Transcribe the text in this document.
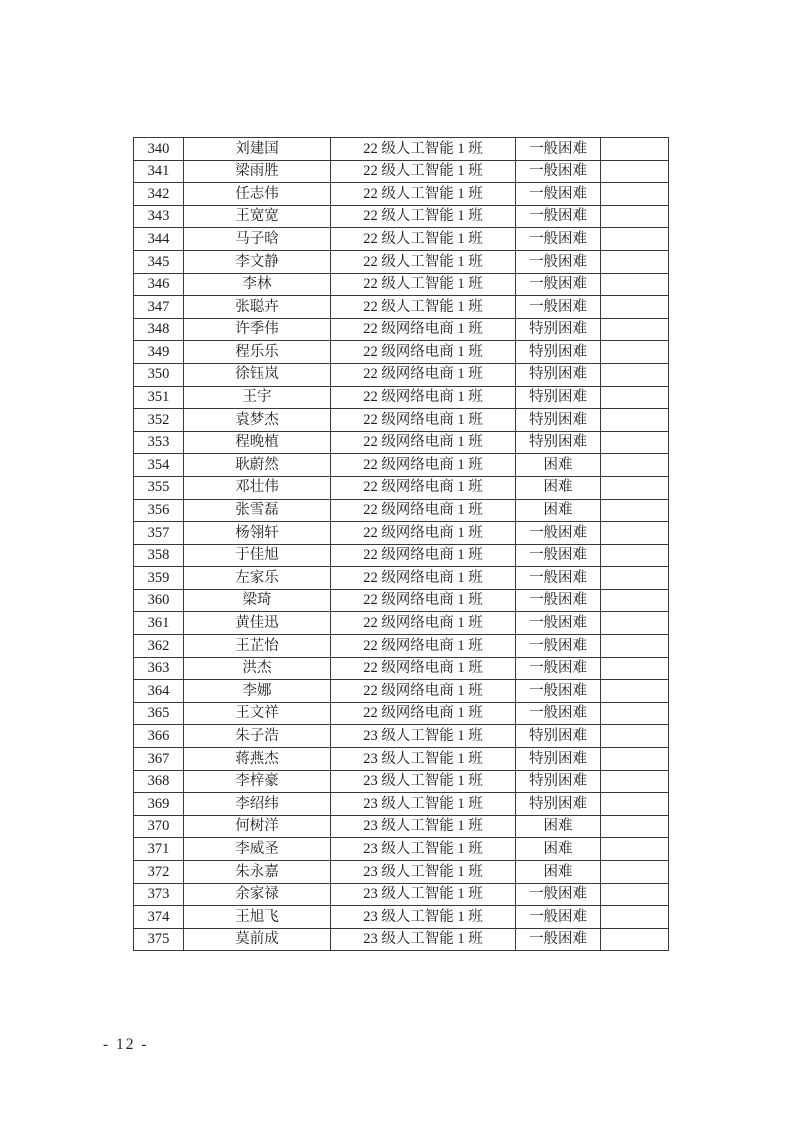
340	刘建国	22 级人工智能 1 班	一般困难	
341	梁雨胜	22 级人工智能 1 班	一般困难	
342	任志伟	22 级人工智能 1 班	一般困难	
343	王宽宽	22 级人工智能 1 班	一般困难	
344	马子晗	22 级人工智能 1 班	一般困难	
345	李文静	22 级人工智能 1 班	一般困难	
346	李林	22 级人工智能 1 班	一般困难	
347	张聪卉	22 级人工智能 1 班	一般困难	
348	许季伟	22 级网络电商 1 班	特别困难	
349	程乐乐	22 级网络电商 1 班	特别困难	
350	徐钰岚	22 级网络电商 1 班	特别困难	
351	王宇	22 级网络电商 1 班	特别困难	
352	袁梦杰	22 级网络电商 1 班	特别困难	
353	程晚植	22 级网络电商 1 班	特别困难	
354	耿蔚然	22 级网络电商 1 班	困难	
355	邓壮伟	22 级网络电商 1 班	困难	
356	张雪磊	22 级网络电商 1 班	困难	
357	杨翎轩	22 级网络电商 1 班	一般困难	
358	于佳旭	22 级网络电商 1 班	一般困难	
359	左家乐	22 级网络电商 1 班	一般困难	
360	梁琦	22 级网络电商 1 班	一般困难	
361	黄佳迅	22 级网络电商 1 班	一般困难	
362	王芷怡	22 级网络电商 1 班	一般困难	
363	洪杰	22 级网络电商 1 班	一般困难	
364	李娜	22 级网络电商 1 班	一般困难	
365	王文祥	22 级网络电商 1 班	一般困难	
366	朱子浩	23 级人工智能 1 班	特别困难	
367	蒋燕杰	23 级人工智能 1 班	特别困难	
368	李梓豪	23 级人工智能 1 班	特别困难	
369	李绍纬	23 级人工智能 1 班	特别困难	
370	何树洋	23 级人工智能 1 班	困难	
371	李威圣	23 级人工智能 1 班	困难	
372	朱永嘉	23 级人工智能 1 班	困难	
373	余家禄	23 级人工智能 1 班	一般困难	
374	王旭飞	23 级人工智能 1 班	一般困难	
375	莫前成	23 级人工智能 1 班	一般困难	
- 12 -
